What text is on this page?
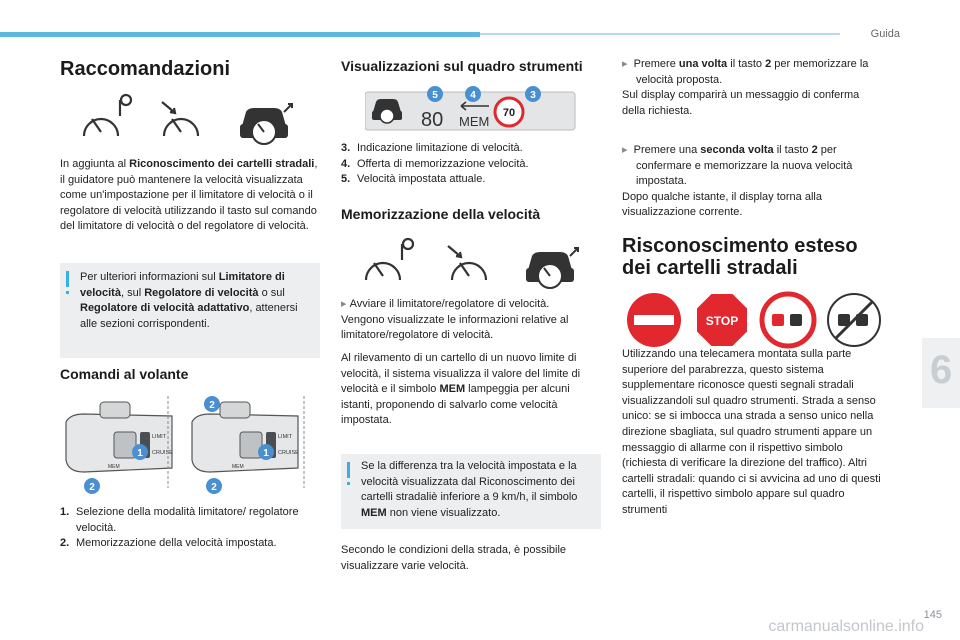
Guida
Raccomandazioni
In aggiunta al Riconoscimento dei cartelli stradali, il guidatore può mantenere la velocità visualizzata come un'impostazione per il limitatore di velocità o il regolatore di velocità utilizzando il tasto sul comando del limitatore di velocità o del regolatore di velocità.
Per ulteriori informazioni sul Limitatore di velocità, sul Regolatore di velocità o sul Regolatore di velocità adattativo, attenersi alle sezioni corrispondenti.
Comandi al volante
LIMIT
CRUISE
MEM
LIMIT
CRUISE
MEM
1
2
2
1
2
1. Selezione della modalità limitatore/ regolatore velocità.
2. Memorizzazione della velocità impostata.
Visualizzazioni sul quadro strumenti
80 MEM
70
5	4	3
3. Indicazione limitazione di velocità.
4. Offerta di memorizzazione velocità.
5. Velocità impostata attuale.
Memorizzazione della velocità
▸ Avviare il limitatore/regolatore di velocità.
Vengono visualizzate le informazioni relative al limitatore/regolatore di velocità.
Al rilevamento di un cartello di un nuovo limite di velocità, il sistema visualizza il valore del limite di velocità e il simbolo MEM lampeggia per alcuni istanti, proponendo di salvarlo come velocità impostata.
Se la differenza tra la velocità impostata e la velocità visualizzata dal Riconoscimento dei cartelli stradaliè inferiore a 9 km/h, il simbolo MEM non viene visualizzato.
Secondo le condizioni della strada, è possibile visualizzare varie velocità.
▸  Premere una volta il tasto 2 per memorizzare la velocità proposta.
Sul display comparirà un messaggio di conferma della richiesta.
▸  Premere una seconda volta il tasto 2 per confermare e memorizzare la nuova velocità impostata.
Dopo qualche istante, il display torna alla visualizzazione corrente.
Risconoscimento esteso
dei cartelli stradali
STOP
Utilizzando una telecamera montata sulla parte superiore del parabrezza, questo sistema supplementare riconosce questi segnali stradali visualizzandoli sul quadro strumenti. Strada a senso unico: se si imbocca una strada a senso unico nella direzione sbagliata, sul quadro strumenti appare un messaggio di allarme con il rispettivo simbolo (richiesta di verificare la direzione del traffico). Altri cartelli stradali: quando ci si avvicina ad uno di questi cartelli, il rispettivo simbolo appare sul quadro strumenti
6
145
carmanualsonline.info
